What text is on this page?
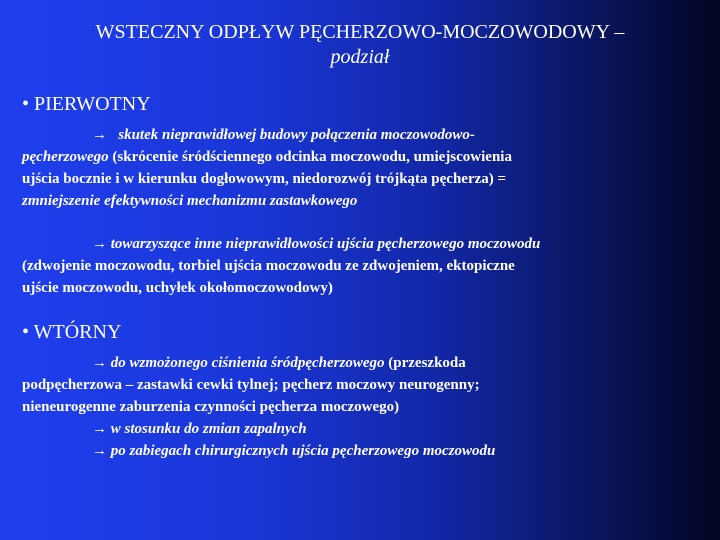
WSTECZNY ODPŁYW PĘCHERZOWO-MOCZOWODOWY –
podział
• PIERWOTNY
→ skutek nieprawidłowej budowy połączenia moczowodowo-
pęcherzowego (skrócenie śródściennego odcinka moczowodu, umiejscowienia
ujścia bocznie i w kierunku dogłowowym, niedorozwój trójkąta pęcherza) =
zmniejszenie efektywności mechanizmu zastawkowego
→ towarzyszące inne nieprawidłowości ujścia pęcherzowego moczowodu
(zdwojenie moczowodu, torbiel ujścia moczowodu ze zdwojeniem, ektopiczne
ujście moczowodu, uchyłek okołomoczowodowy)
• WTÓRNY
→ do wzmożonego ciśnienia śródpęcherzowego (przeszkoda
podpęcherzowa – zastawki cewki tylnej; pęcherz moczowy neurogenny;
nieneurogenne zaburzenia czynności pęcherza moczowego)
→ w stosunku do zmian zapalnych
→ po zabiegach chirurgicznych ujścia pęcherzowego moczowodu
